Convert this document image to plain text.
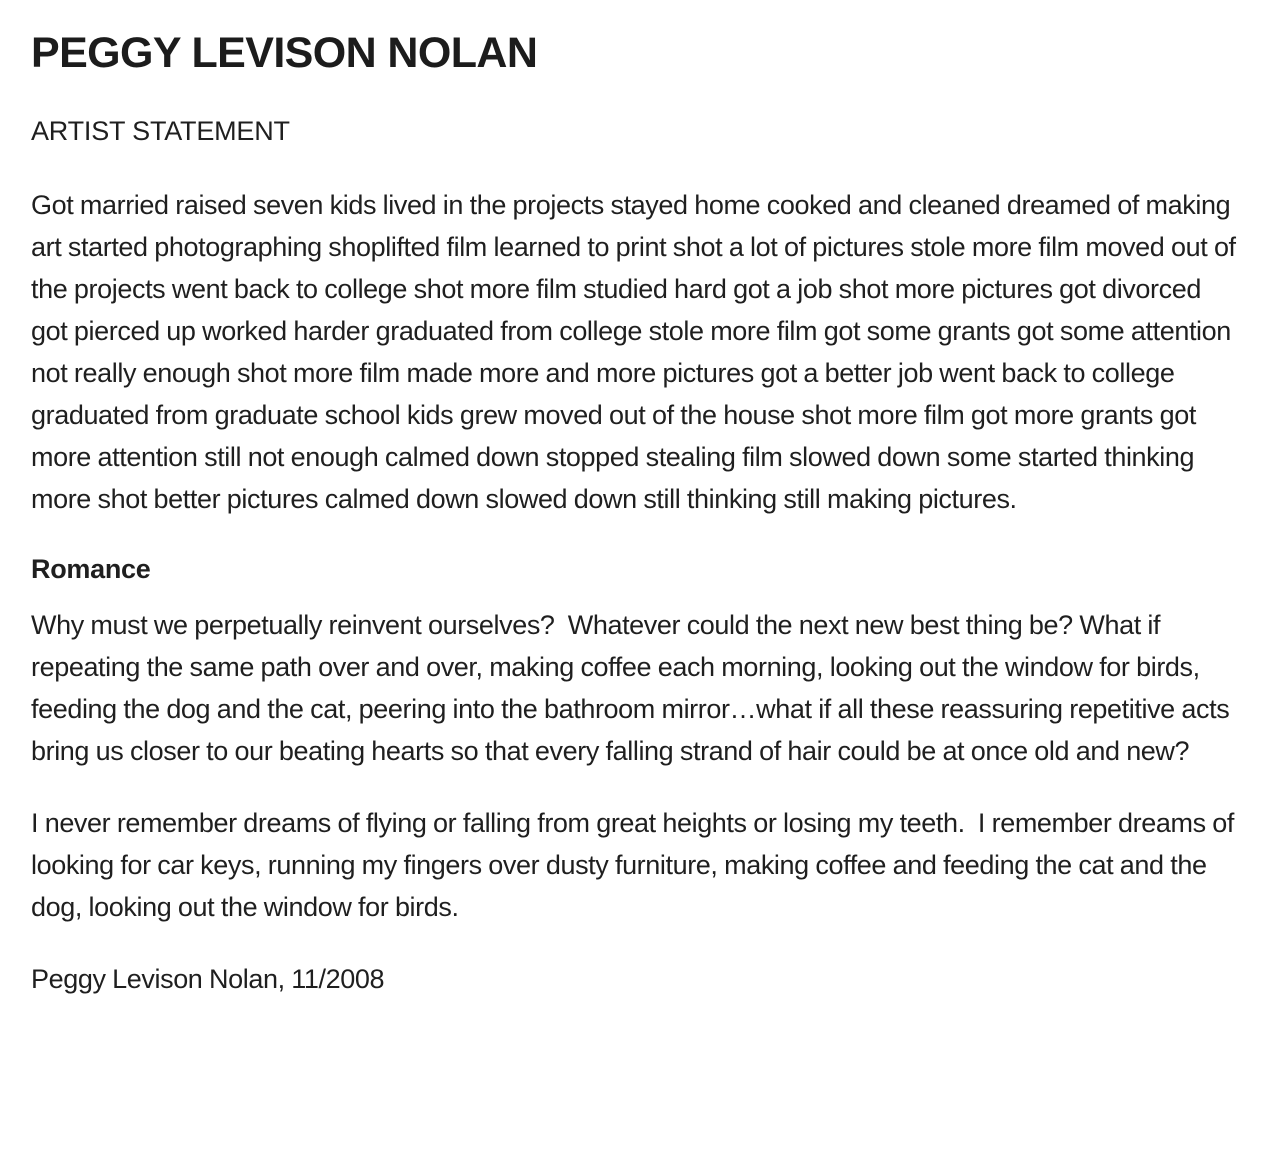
PEGGY LEVISON NOLAN
ARTIST STATEMENT

Got married raised seven kids lived in the projects stayed home cooked and cleaned dreamed of making art started photographing shoplifted film learned to print shot a lot of pictures stole more film moved out of the projects went back to college shot more film studied hard got a job shot more pictures got divorced got pierced up worked harder graduated from college stole more film got some grants got some attention not really enough shot more film made more and more pictures got a better job went back to college graduated from graduate school kids grew moved out of the house shot more film got more grants got more attention still not enough calmed down stopped stealing film slowed down some started thinking more shot better pictures calmed down slowed down still thinking still making pictures.

Romance

Why must we perpetually reinvent ourselves?  Whatever could the next new best thing be? What if repeating the same path over and over, making coffee each morning, looking out the window for birds, feeding the dog and the cat, peering into the bathroom mirror…what if all these reassuring repetitive acts bring us closer to our beating hearts so that every falling strand of hair could be at once old and new?

I never remember dreams of flying or falling from great heights or losing my teeth.  I remember dreams of looking for car keys, running my fingers over dusty furniture, making coffee and feeding the cat and the dog, looking out the window for birds.

Peggy Levison Nolan, 11/2008
